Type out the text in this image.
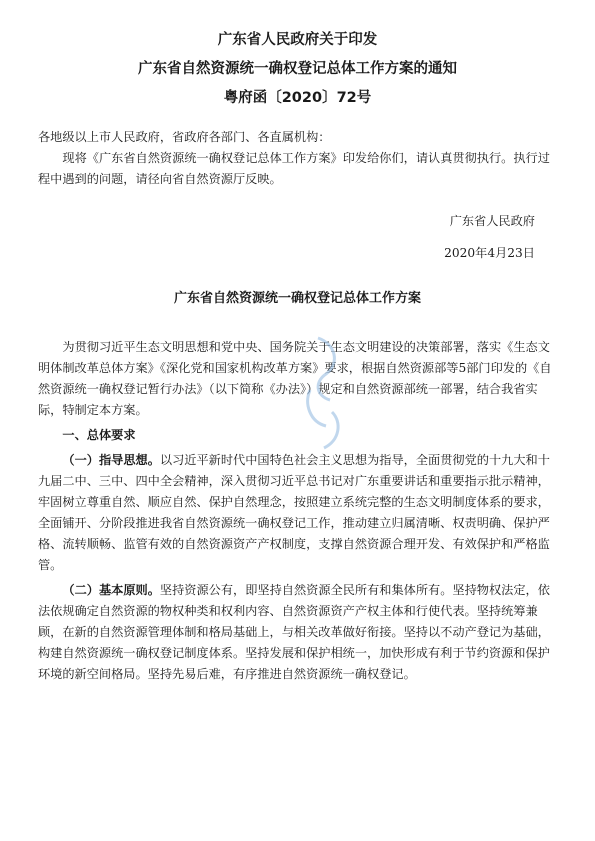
广东省人民政府关于印发
广东省自然资源统一确权登记总体工作方案的通知
粤府函〔2020〕72号

各地级以上市人民政府，省政府各部门、各直属机构：

现将《广东省自然资源统一确权登记总体工作方案》印发给你们，请认真贯彻执行。执行过程中遇到的问题，请径向省自然资源厅反映。

广东省人民政府

2020年4月23日

广东省自然资源统一确权登记总体工作方案

为贯彻习近平生态文明思想和党中央、国务院关于生态文明建设的决策部署，落实《生态文明体制改革总体方案》《深化党和国家机构改革方案》要求，根据自然资源部等5部门印发的《自然资源统一确权登记暂行办法》（以下简称《办法》）规定和自然资源部统一部署，结合我省实际，特制定本方案。

一、总体要求

（一）指导思想。以习近平新时代中国特色社会主义思想为指导，全面贯彻党的十九大和十九届二中、三中、四中全会精神，深入贯彻习近平总书记对广东重要讲话和重要指示批示精神，牢固树立尊重自然、顺应自然、保护自然理念，按照建立系统完整的生态文明制度体系的要求，全面铺开、分阶段推进我省自然资源统一确权登记工作，推动建立归属清晰、权责明确、保护严格、流转顺畅、监管有效的自然资源资产产权制度，支撑自然资源合理开发、有效保护和严格监管。

（二）基本原则。坚持资源公有，即坚持自然资源全民所有和集体所有。坚持物权法定，依法依规确定自然资源的物权种类和权利内容、自然资源资产产权主体和行使代表。坚持统筹兼顾，在新的自然资源管理体制和格局基础上，与相关改革做好衔接。坚持以不动产登记为基础，构建自然资源统一确权登记制度体系。坚持发展和保护相统一，加快形成有利于节约资源和保护环境的新空间格局。坚持先易后难，有序推进自然资源统一确权登记。
